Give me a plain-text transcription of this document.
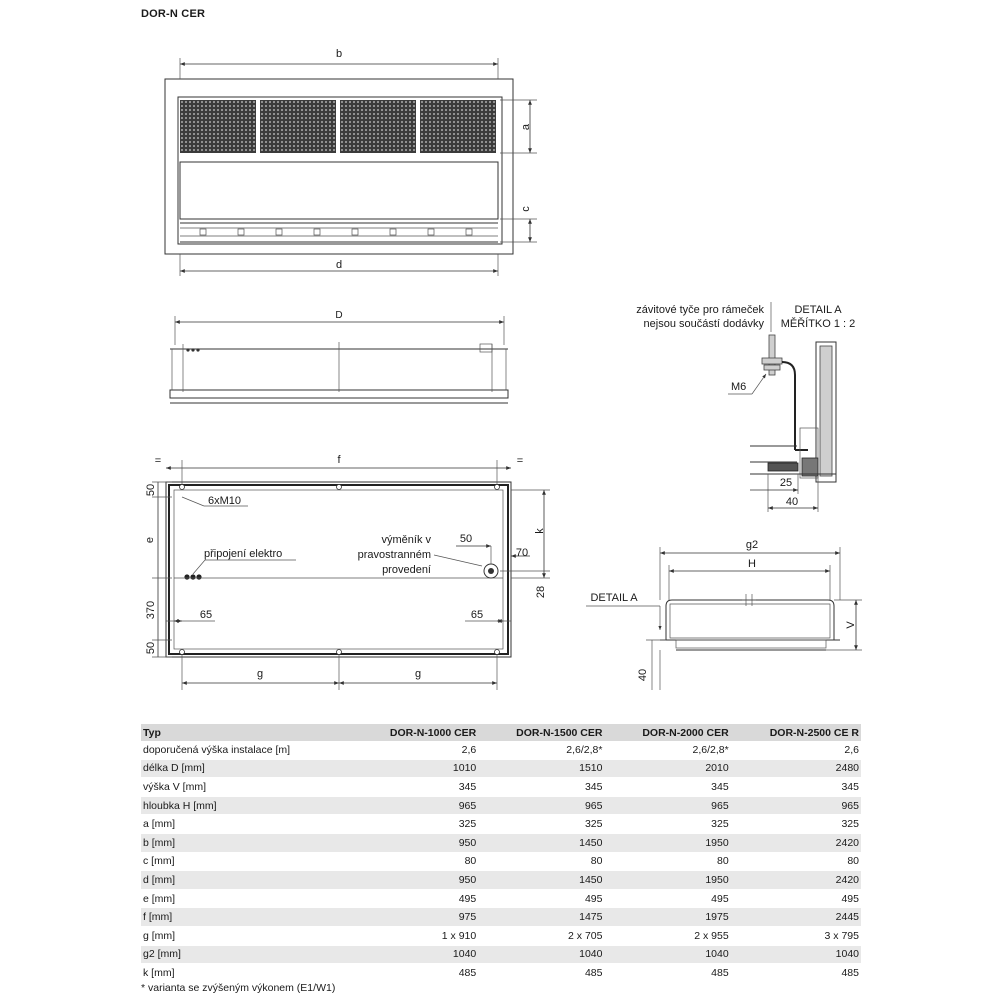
DOR-N CER
b
a
c
d
D
f
=	=
50
e
370
50
6xM10
připojení elektro
výměník v
pravostranném
provedení
50
70
k
28
65	65
g	g
závitové tyče pro rámeček
nejsou součástí dodávky
DETAIL A
MĚŘÍTKO 1 : 2
M6
25
40
g2
H
V
DETAIL A
40
Typ	DOR-N-1000 CER	DOR-N-1500 CER	DOR-N-2000 CER	DOR-N-2500 CE R
doporučená výška instalace [m]	2,6	2,6/2,8*	2,6/2,8*	2,6
délka D [mm]	1010	1510	2010	2480
výška V [mm]	345	345	345	345
hloubka H [mm]	965	965	965	965
a [mm]	325	325	325	325
b [mm]	950	1450	1950	2420
c [mm]	80	80	80	80
d [mm]	950	1450	1950	2420
e [mm]	495	495	495	495
f [mm]	975	1475	1975	2445
g [mm]	1 x 910	2 x 705	2 x 955	3 x 795
g2 [mm]	1040	1040	1040	1040
k [mm]	485	485	485	485
* varianta se zvýšeným výkonem (E1/W1)
